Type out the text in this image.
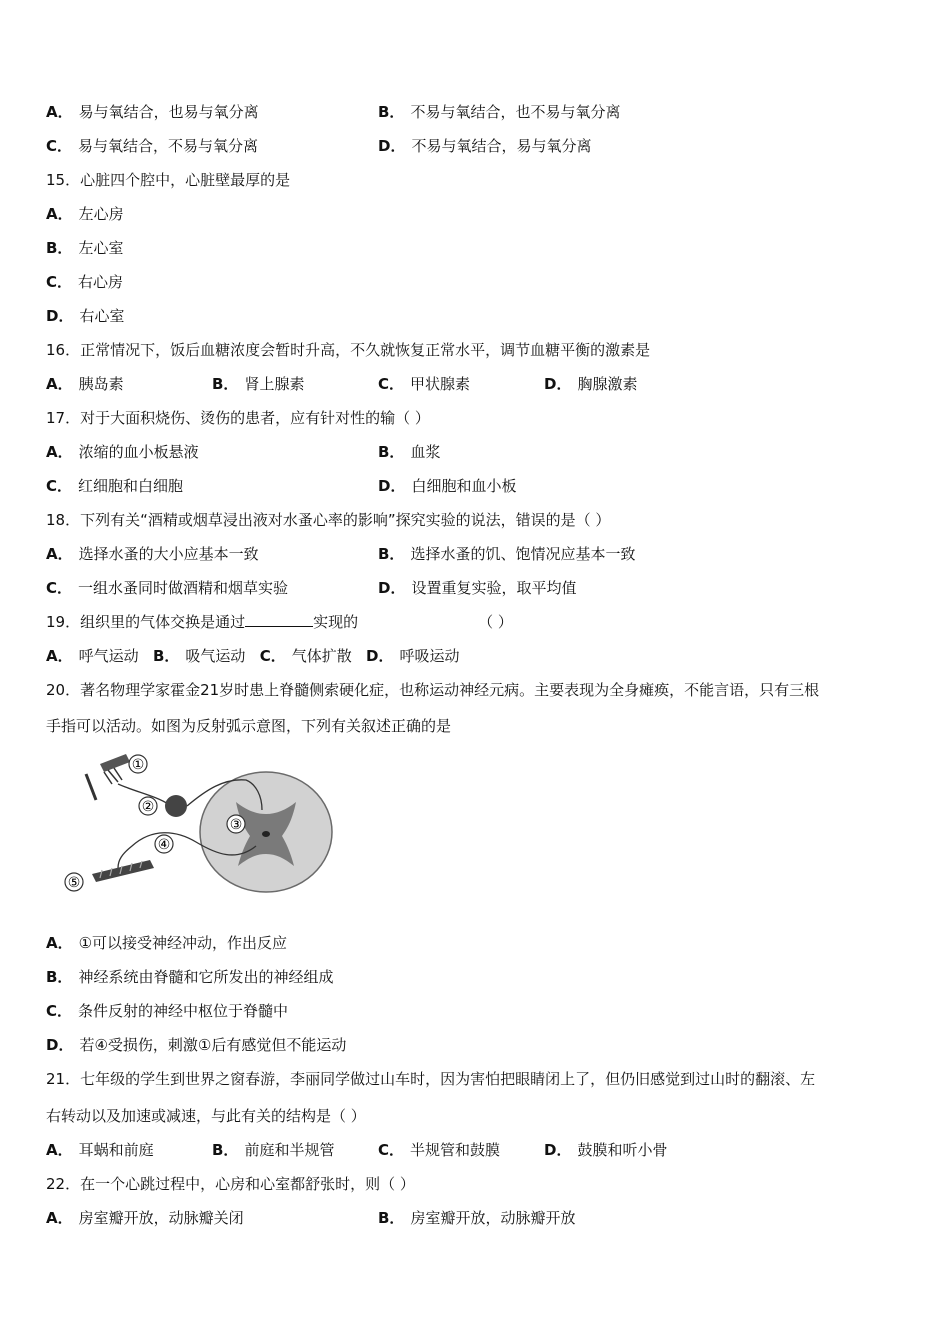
A． 易与氧结合，也易与氧分离	B． 不易与氧结合，也不易与氧分离
C． 易与氧结合，不易与氧分离	D． 不易与氧结合，易与氧分离
15．心脏四个腔中，心脏壁最厚的是
A． 左心房
B． 左心室
C． 右心房
D． 右心室
16．正常情况下，饭后血糖浓度会暂时升高，不久就恢复正常水平，调节血糖平衡的激素是
A． 胰岛素	B． 肾上腺素	C． 甲状腺素	D． 胸腺激素
17．对于大面积烧伤、烫伤的患者，应有针对性的输（ ）
A． 浓缩的血小板悬液	B． 血浆
C． 红细胞和白细胞	D． 白细胞和血小板
18．下列有关“酒精或烟草浸出液对水蚤心率的影响”探究实验的说法，错误的是（ ）
A． 选择水蚤的大小应基本一致	B． 选择水蚤的饥、饱情况应基本一致
C． 一组水蚤同时做酒精和烟草实验	D． 设置重复实验，取平均值
19．组织里的气体交换是通过	实现的	（ ）
A． 呼气运动 B． 吸气运动 C． 气体扩散 D． 呼吸运动
20．著名物理学家霍金21岁时患上脊髓侧索硬化症，也称运动神经元病。主要表现为全身瘫痪，不能言语，只有三根
手指可以活动。如图为反射弧示意图，下列有关叙述正确的是
①
②
③
④
⑤
A． ①可以接受神经冲动，作出反应
B． 神经系统由脊髓和它所发出的神经组成
C． 条件反射的神经中枢位于脊髓中
D． 若④受损伤，刺激①后有感觉但不能运动
21．七年级的学生到世界之窗春游，李丽同学做过山车时，因为害怕把眼睛闭上了，但仍旧感觉到过山时的翻滚、左
右转动以及加速或减速，与此有关的结构是（ ）
A． 耳蜗和前庭	B． 前庭和半规管	C． 半规管和鼓膜	D． 鼓膜和听小骨
22．在一个心跳过程中，心房和心室都舒张时，则（ ）
A． 房室瓣开放，动脉瓣关闭	B． 房室瓣开放，动脉瓣开放
